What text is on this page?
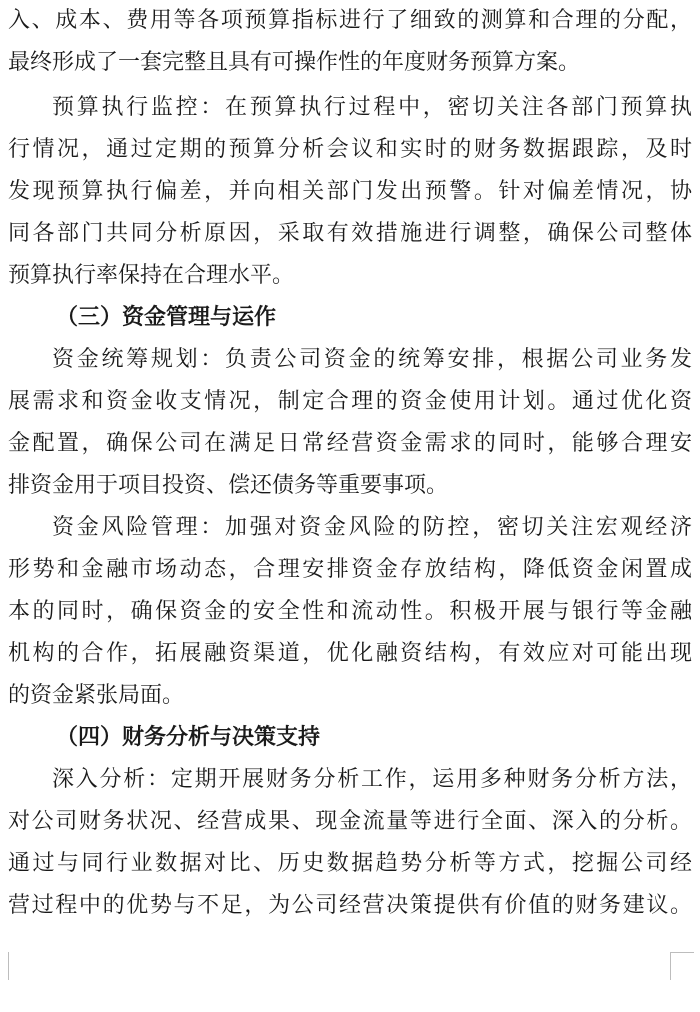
入、成本、费用等各项预算指标进行了细致的测算和合理的分配，
最终形成了一套完整且具有可操作性的年度财务预算方案。
预算执行监控：在预算执行过程中，密切关注各部门预算执
行情况，通过定期的预算分析会议和实时的财务数据跟踪，及时
发现预算执行偏差，并向相关部门发出预警。针对偏差情况，协
同各部门共同分析原因，采取有效措施进行调整，确保公司整体
预算执行率保持在合理水平。
（三）资金管理与运作
资金统筹规划：负责公司资金的统筹安排，根据公司业务发
展需求和资金收支情况，制定合理的资金使用计划。通过优化资
金配置，确保公司在满足日常经营资金需求的同时，能够合理安
排资金用于项目投资、偿还债务等重要事项。
资金风险管理：加强对资金风险的防控，密切关注宏观经济
形势和金融市场动态，合理安排资金存放结构，降低资金闲置成
本的同时，确保资金的安全性和流动性。积极开展与银行等金融
机构的合作，拓展融资渠道，优化融资结构，有效应对可能出现
的资金紧张局面。
（四）财务分析与决策支持
深入分析：定期开展财务分析工作，运用多种财务分析方法，
对公司财务状况、经营成果、现金流量等进行全面、深入的分析。
通过与同行业数据对比、历史数据趋势分析等方式，挖掘公司经
营过程中的优势与不足，为公司经营决策提供有价值的财务建议。
